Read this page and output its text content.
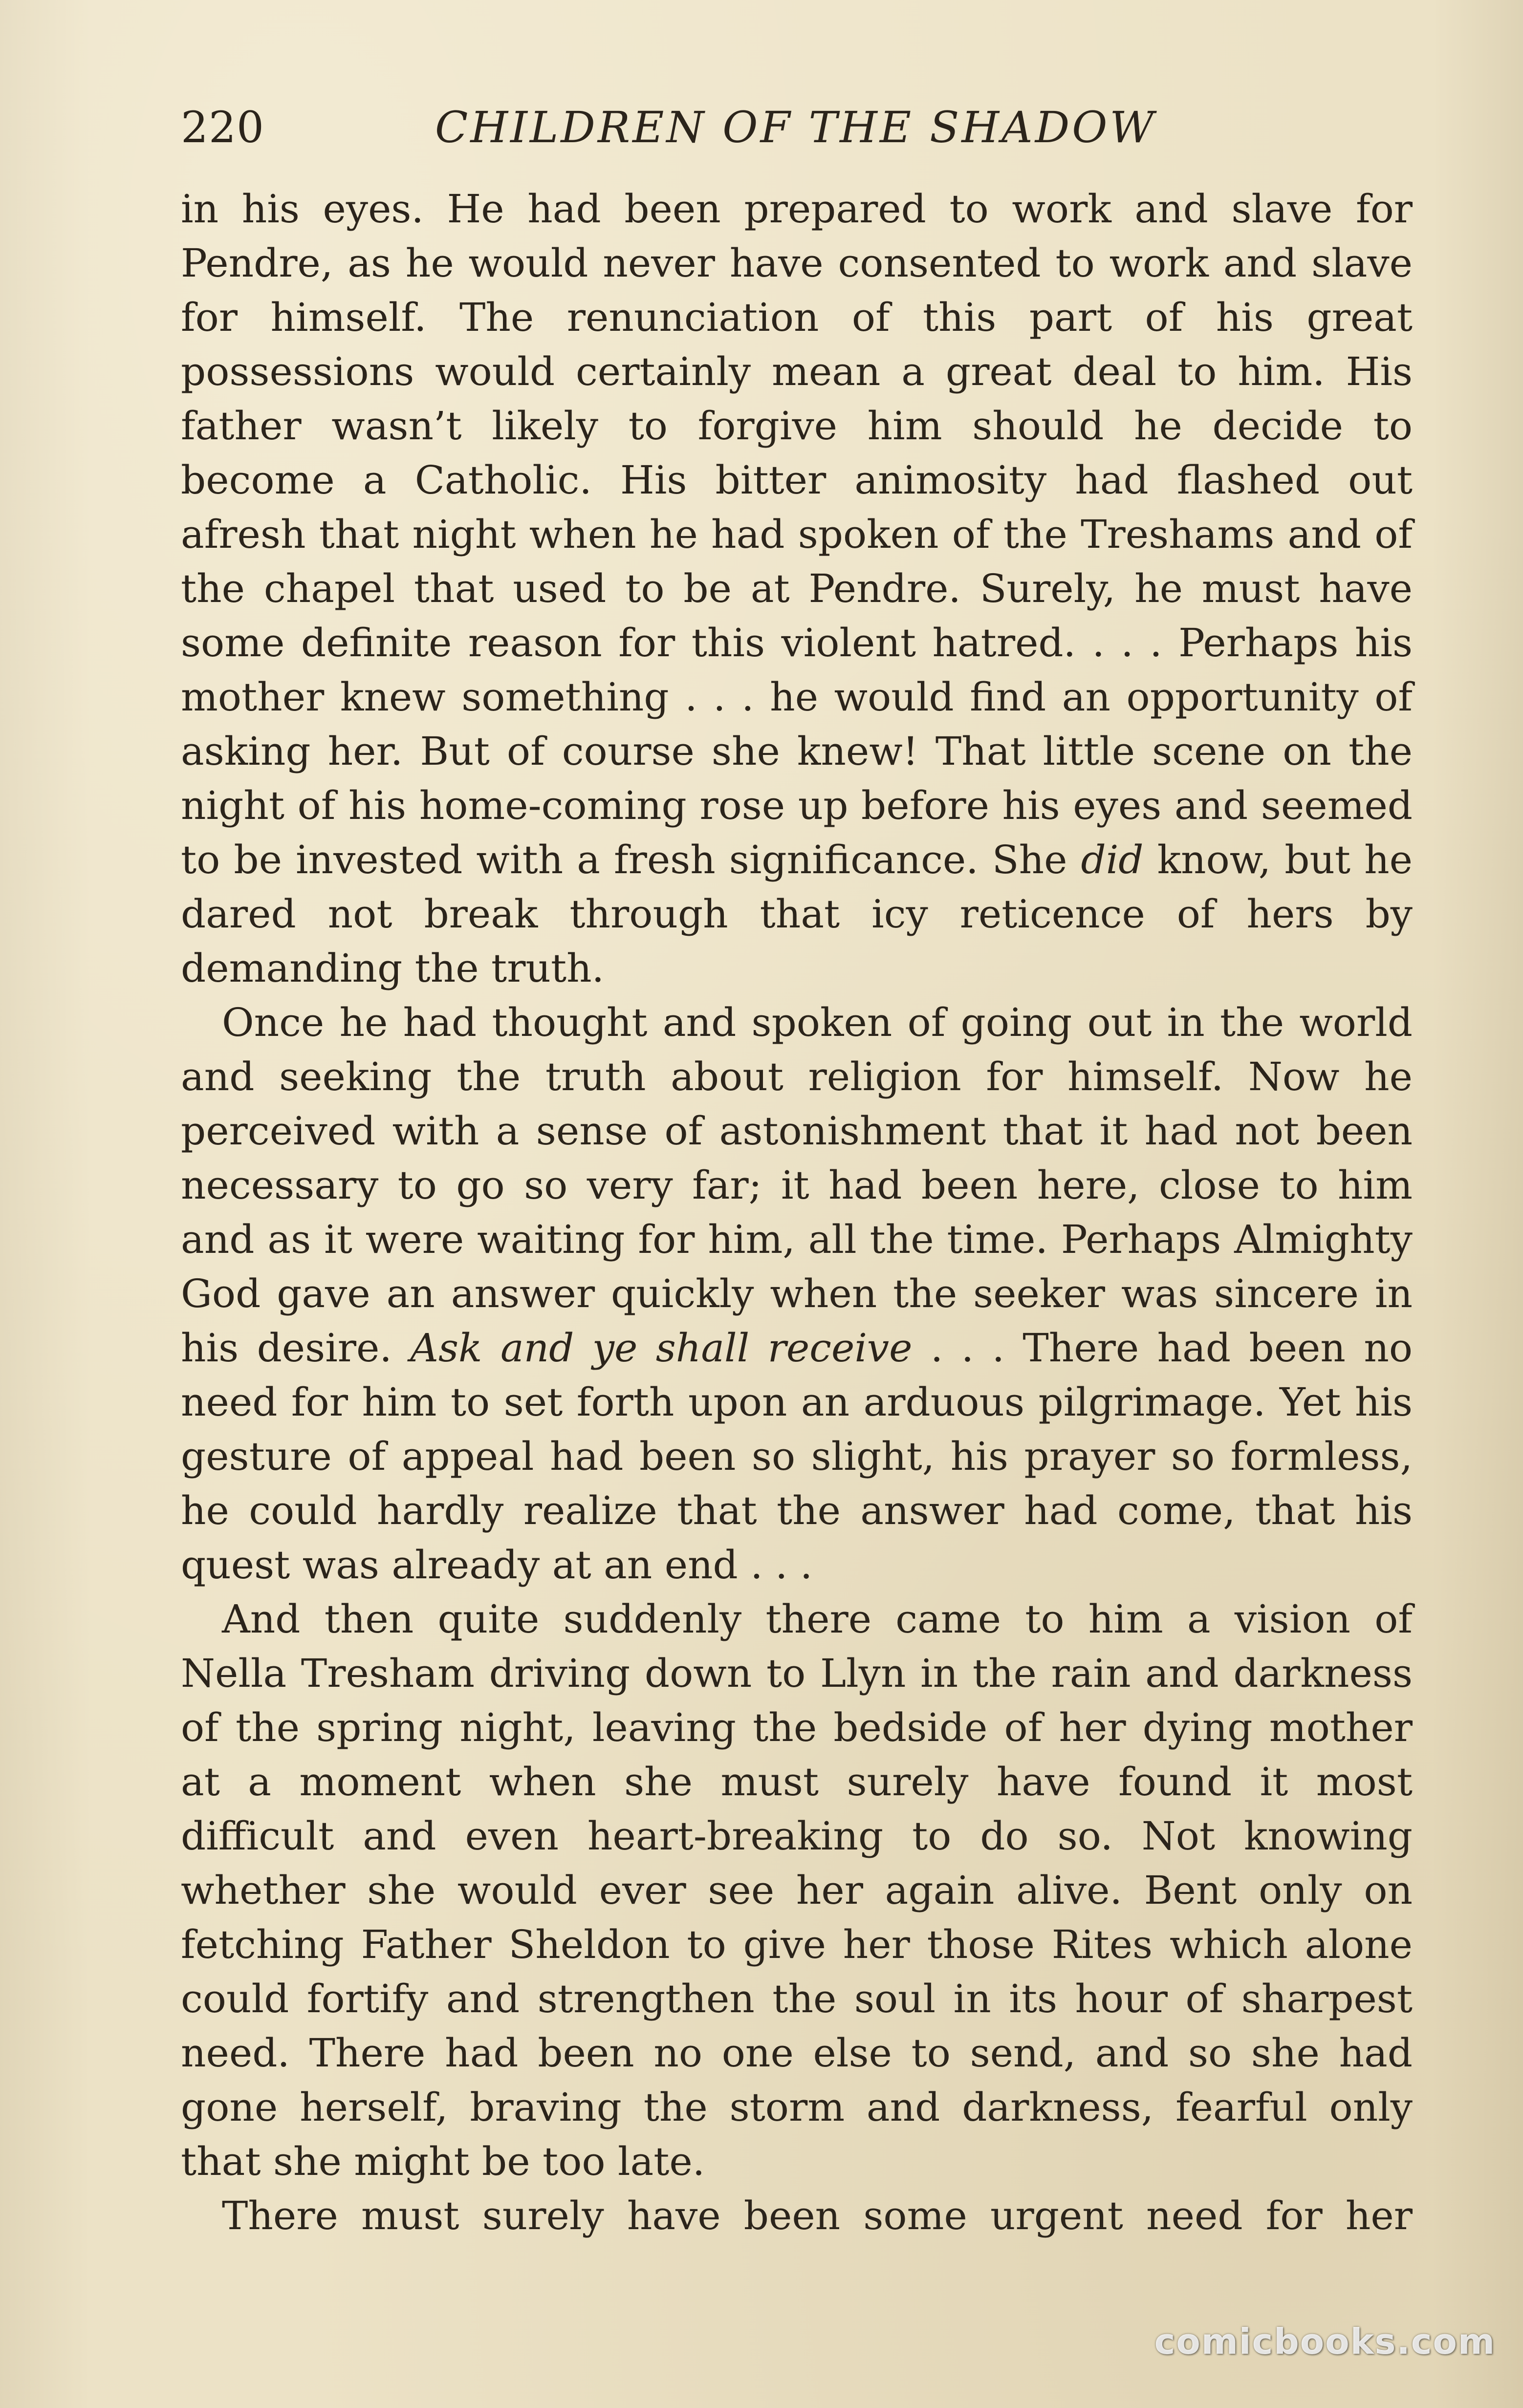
220	CHILDREN OF THE SHADOW

in his eyes. He had been prepared to work and slave for Pendre, as he would never have consented to work and slave for himself. The renunciation of this part of his great possessions would certainly mean a great deal to him. His father wasn’t likely to forgive him should he decide to become a Catholic. His bitter animosity had flashed out afresh that night when he had spoken of the Treshams and of the chapel that used to be at Pendre. Surely, he must have some definite reason for this violent hatred. . . . Perhaps his mother knew something . . . he would find an opportunity of asking her. But of course she knew! That little scene on the night of his home-coming rose up before his eyes and seemed to be invested with a fresh significance. She did know, but he dared not break through that icy reticence of hers by demanding the truth.

Once he had thought and spoken of going out in the world and seeking the truth about religion for himself. Now he perceived with a sense of astonishment that it had not been necessary to go so very far; it had been here, close to him and as it were waiting for him, all the time. Perhaps Almighty God gave an answer quickly when the seeker was sincere in his desire. Ask and ye shall receive . . . There had been no need for him to set forth upon an arduous pilgrimage. Yet his gesture of appeal had been so slight, his prayer so formless, he could hardly realize that the answer had come, that his quest was already at an end . . .

And then quite suddenly there came to him a vision of Nella Tresham driving down to Llyn in the rain and darkness of the spring night, leaving the bedside of her dying mother at a moment when she must surely have found it most difficult and even heart-breaking to do so. Not knowing whether she would ever see her again alive. Bent only on fetching Father Sheldon to give her those Rites which alone could fortify and strengthen the soul in its hour of sharpest need. There had been no one else to send, and so she had gone herself, braving the storm and darkness, fearful only that she might be too late.

There must surely have been some urgent need for her

comicbooks.com
